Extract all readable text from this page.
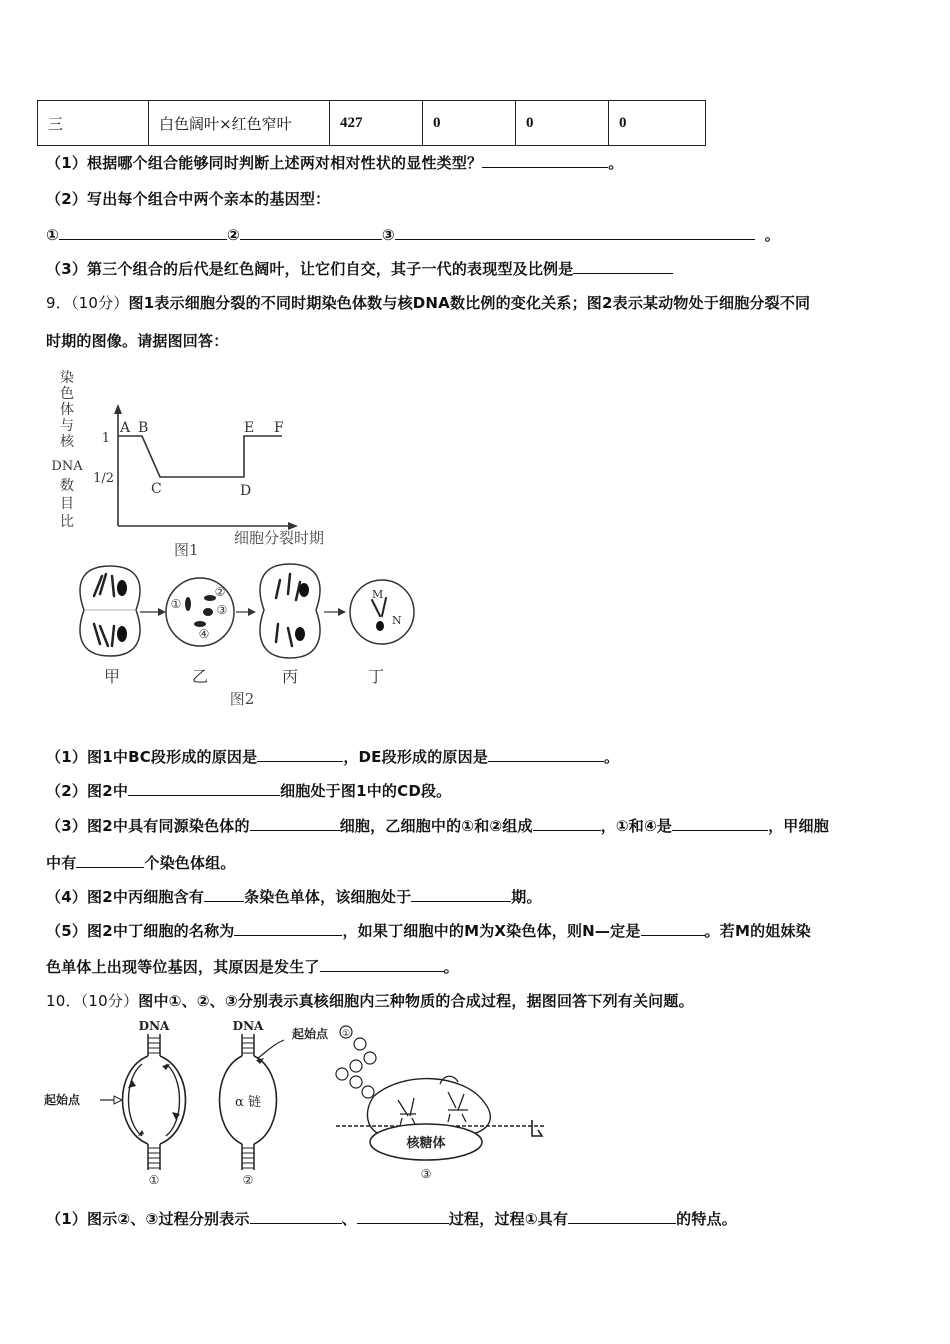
三	白色阔叶×红色窄叶	427	0	0	0
（1）根据哪个组合能够同时判断上述两对相对性状的显性类型？	。
（2）写出每个组合中两个亲本的基因型：
①	②	③	。
（3）第三个组合的后代是红色阔叶，让它们自交，其子一代的表现型及比例是
9．（10分）图1表示细胞分裂的不同时期染色体数与核DNA数比例的变化关系；图2表示某动物处于细胞分裂不同
时期的图像。请据图回答：
染
色
体
与
核
DNA
数
目
比
1
1/2
A B
C	D
E F
细胞分裂时期
图1
甲
①
②
③
④
乙	丙
M
N
丁
图2
（1）图1中BC段形成的原因是	，DE段形成的原因是	。
（2）图2中	细胞处于图1中的CD段。
（3）图2中具有同源染色体的	细胞，乙细胞中的①和②组成	，①和④是	，甲细胞
中有	个染色体组。
（4）图2中丙细胞含有	条染色单体，该细胞处于	期。
（5）图2中丁细胞的名称为	，如果丁细胞中的M为X染色体，则N—定是	。若M的姐妹染
色单体上出现等位基因，其原因是发生了	。
10．（10分）图中①、②、③分别表示真核细胞内三种物质的合成过程，据图回答下列有关问题。
DNA
①
起始点
DNA
起始点
α 链
②
①
核糖体
③
（1）图示②、③过程分别表示	、	过程，过程①具有	的特点。
